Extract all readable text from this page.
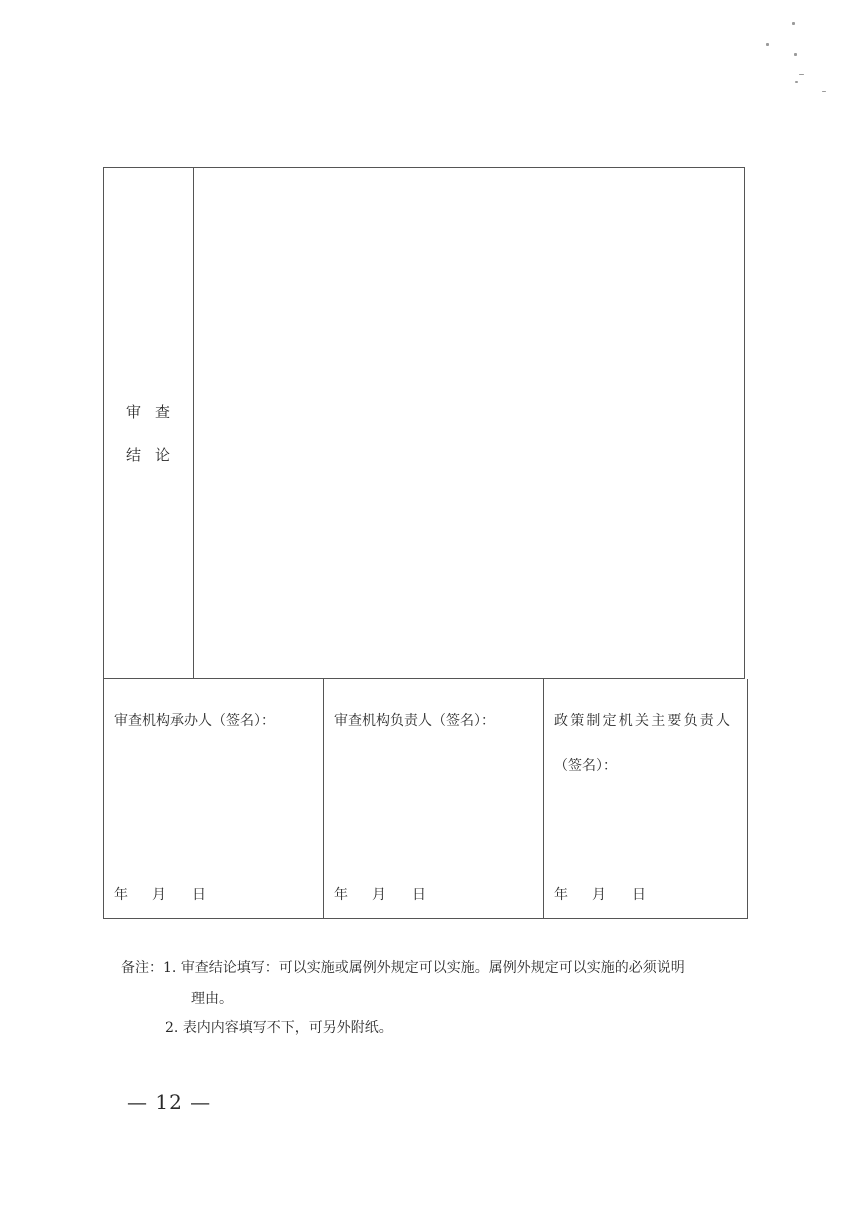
审查
结论
审查机构承办人（签名）：
年 月 日
审查机构负责人（签名）：
年 月 日
政策制定机关主要负责人
（签名）：
年 月 日
备注：1. 审查结论填写：可以实施或属例外规定可以实施。属例外规定可以实施的必须说明
理由。
2. 表内内容填写不下，可另外附纸。
— 12 —
